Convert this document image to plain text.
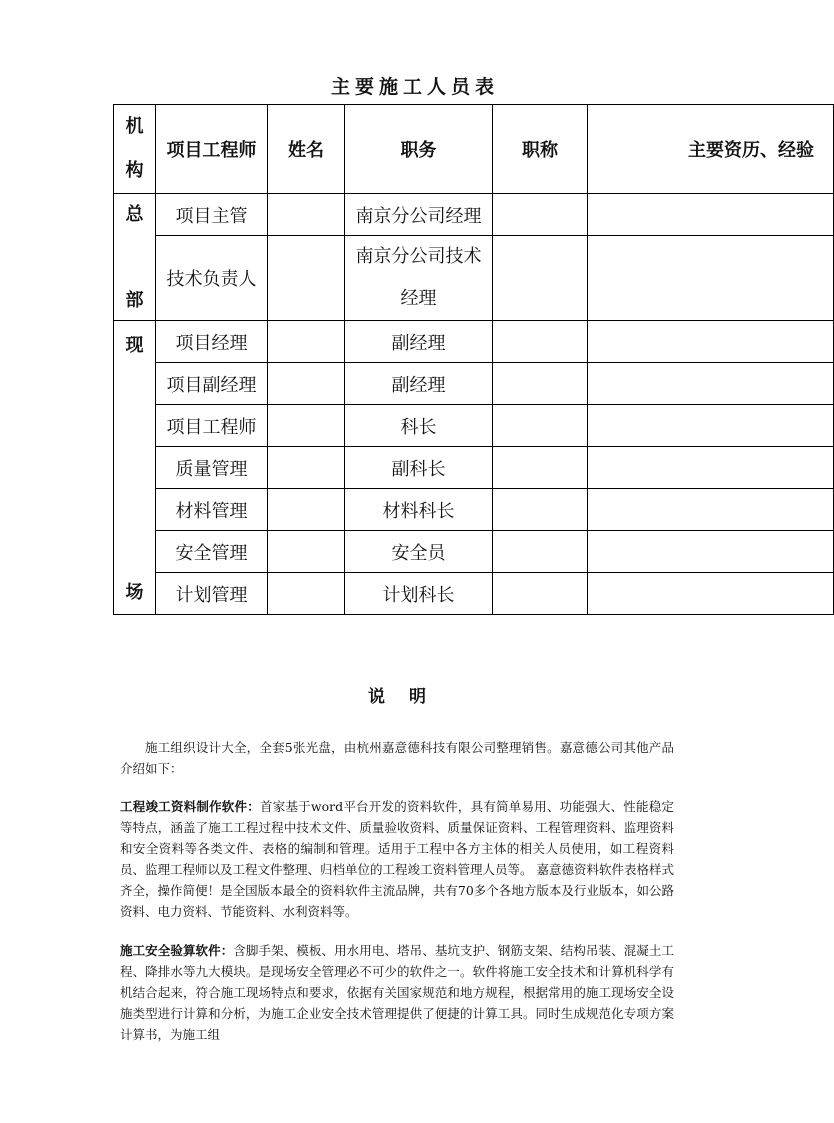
主要施工人员表
机
构	项目工程师	姓名	职务	职称	主要资历、经验

总
部	项目主管		南京分公司经理		
	技术负责人		南京分公司技术
经理		

现
场	项目经理		副经理		
	项目副经理		副经理		
	项目工程师		科长		
	质量管理		副科长		
	材料管理		材料科长		
	安全管理		安全员		
	计划管理		计划科长		
说 明
施工组织设计大全，全套5张光盘，由杭州嘉意德科技有限公司整理销售。嘉意德公司其他产品介绍如下：
工程竣工资料制作软件：首家基于word平台开发的资料软件，具有简单易用、功能强大、性能稳定等特点，涵盖了施工工程过程中技术文件、质量验收资料、质量保证资料、工程管理资料、监理资料和安全资料等各类文件、表格的编制和管理。适用于工程中各方主体的相关人员使用，如工程资料员、监理工程师以及工程文件整理、归档单位的工程竣工资料管理人员等。 嘉意德资料软件表格样式齐全，操作简便！是全国版本最全的资料软件主流品牌，共有70多个各地方版本及行业版本，如公路资料、电力资料、节能资料、水利资料等。
施工安全验算软件：含脚手架、模板、用水用电、塔吊、基坑支护、钢筋支架、结构吊装、混凝土工程、降排水等九大模块。是现场安全管理必不可少的软件之一。软件将施工安全技术和计算机科学有机结合起来，符合施工现场特点和要求，依据有关国家规范和地方规程，根据常用的施工现场安全设施类型进行计算和分析，为施工企业安全技术管理提供了便捷的计算工具。同时生成规范化专项方案计算书，为施工组
